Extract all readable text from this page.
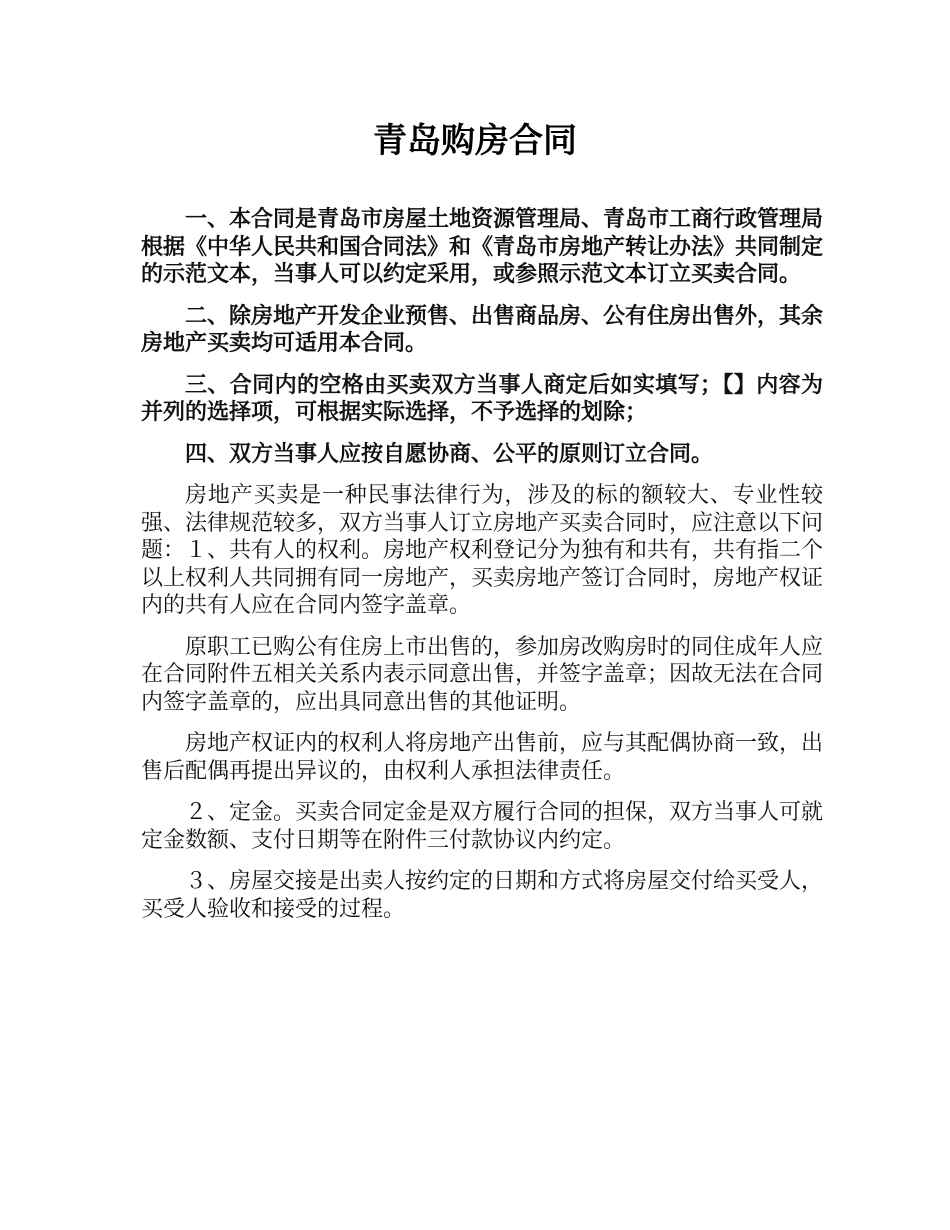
青岛购房合同

一、本合同是青岛市房屋土地资源管理局、青岛市工商行政管理局根据《中华人民共和国合同法》和《青岛市房地产转让办法》共同制定的示范文本，当事人可以约定采用，或参照示范文本订立买卖合同。

二、除房地产开发企业预售、出售商品房、公有住房出售外，其余房地产买卖均可适用本合同。

三、合同内的空格由买卖双方当事人商定后如实填写；【】内容为并列的选择项，可根据实际选择，不予选择的划除；

四、双方当事人应按自愿协商、公平的原则订立合同。

房地产买卖是一种民事法律行为，涉及的标的额较大、专业性较强、法律规范较多，双方当事人订立房地产买卖合同时，应注意以下问题：１、共有人的权利。房地产权利登记分为独有和共有，共有指二个以上权利人共同拥有同一房地产，买卖房地产签订合同时，房地产权证内的共有人应在合同内签字盖章。

原职工已购公有住房上市出售的，参加房改购房时的同住成年人应在合同附件五相关关系内表示同意出售，并签字盖章；因故无法在合同内签字盖章的，应出具同意出售的其他证明。

房地产权证内的权利人将房地产出售前，应与其配偶协商一致，出售后配偶再提出异议的，由权利人承担法律责任。

２、定金。买卖合同定金是双方履行合同的担保，双方当事人可就定金数额、支付日期等在附件三付款协议内约定。

３、房屋交接是出卖人按约定的日期和方式将房屋交付给买受人，买受人验收和接受的过程。
